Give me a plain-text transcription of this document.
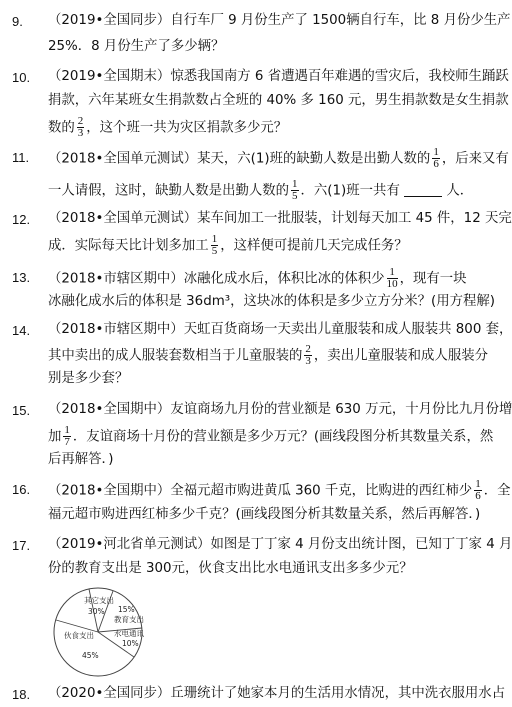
9. （2019•全国同步）自行车厂 9 月份生产了 1500辆自行车，比 8 月份少生产
25%．8 月份生产了多少辆？
10. （2019•全国期末）惊悉我国南方 6 省遭遇百年难遇的雪灾后，我校师生踊跃
捐款，六年某班女生捐款数占全班的 40% 多 160 元，男生捐款数是女生捐款
数的 $\frac{2}{3}$ ，这个班一共为灾区捐款多少元？
11. （2018•全国单元测试）某天，六(1)班的缺勤人数是出勤人数的 $\frac{1}{6}$ ，后来又有
一人请假，这时，缺勤人数是出勤人数的 $\frac{1}{5}$ ．六(1)班一共有	人．
12. （2018•全国单元测试）某车间加工一批服装，计划每天加工 45 件，12 天完
成．实际每天比计划多加工 $\frac{1}{5}$ ，这样便可提前几天完成任务？
13. （2018•市辖区期中）冰融化成水后，体积比冰的体积少 $\frac{1}{10}$ ，现有一块
冰融化成水后的体积是 36dm³，这块冰的体积是多少立方分米？(用方程解)
14. （2018•市辖区期中）天虹百货商场一天卖出儿童服装和成人服装共 800 套，
其中卖出的成人服装套数相当于儿童服装的 $\frac{2}{3}$ ，卖出儿童服装和成人服装分
别是多少套？
15. （2018•全国期中）友谊商场九月份的营业额是 630 万元，十月份比九月份增
加 $\frac{1}{7}$ ．友谊商场十月份的营业额是多少万元？(画线段图分析其数量关系，然
后再解答．)
16. （2018•全国期中）全福元超市购进黄瓜 360 千克，比购进的西红柿少 $\frac{1}{6}$ ．全
福元超市购进西红柿多少千克？(画线段图分析其数量关系，然后再解答．)
17. （2019•河北省单元测试）如图是丁丁家 4 月份支出统计图，已知丁丁家 4 月
份的教育支出是 300元，伙食支出比水电通讯支出多多少元？
其它支出
30% 15%
教育支出
水电通讯
10%
伙食支出
45%
18. （2020•全国同步）丘珊统计了她家本月的生活用水情况，其中洗衣服用水占
